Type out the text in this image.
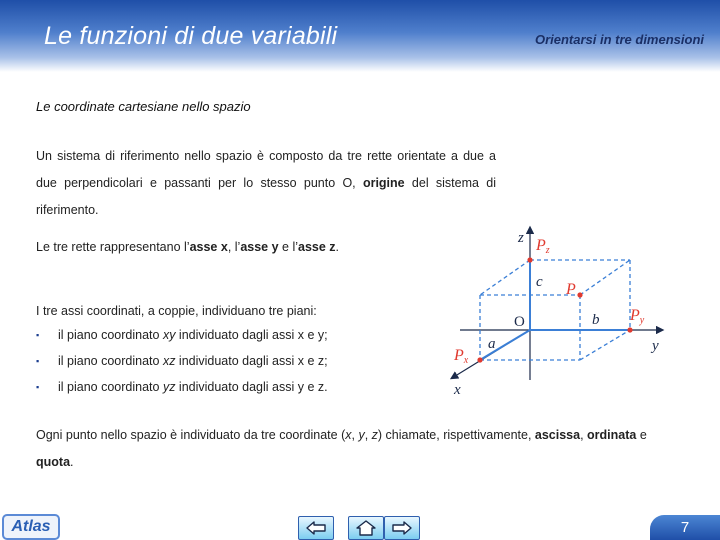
Le funzioni di due variabili	Orientarsi in tre dimensioni
Le coordinate cartesiane nello spazio
Un sistema di riferimento nello spazio è composto da tre rette orientate a due a due perpendicolari e passanti per lo stesso punto O, origine del sistema di riferimento.
Le tre rette rappresentano l’asse x, l’asse y e l’asse z.
I tre assi coordinati, a coppie, individuano tre piani:
▪	il piano coordinato xy individuato dagli assi x e y;
▪	il piano coordinato xz individuato dagli assi x e z;
▪	il piano coordinato yz individuato dagli assi y e z.
z
y
x
O
a
b
c P
Pz
Py
Px
Ogni punto nello spazio è individuato da tre coordinate (x, y, z) chiamate, rispettivamente, ascissa, ordinata e quota.
Atlas	7
